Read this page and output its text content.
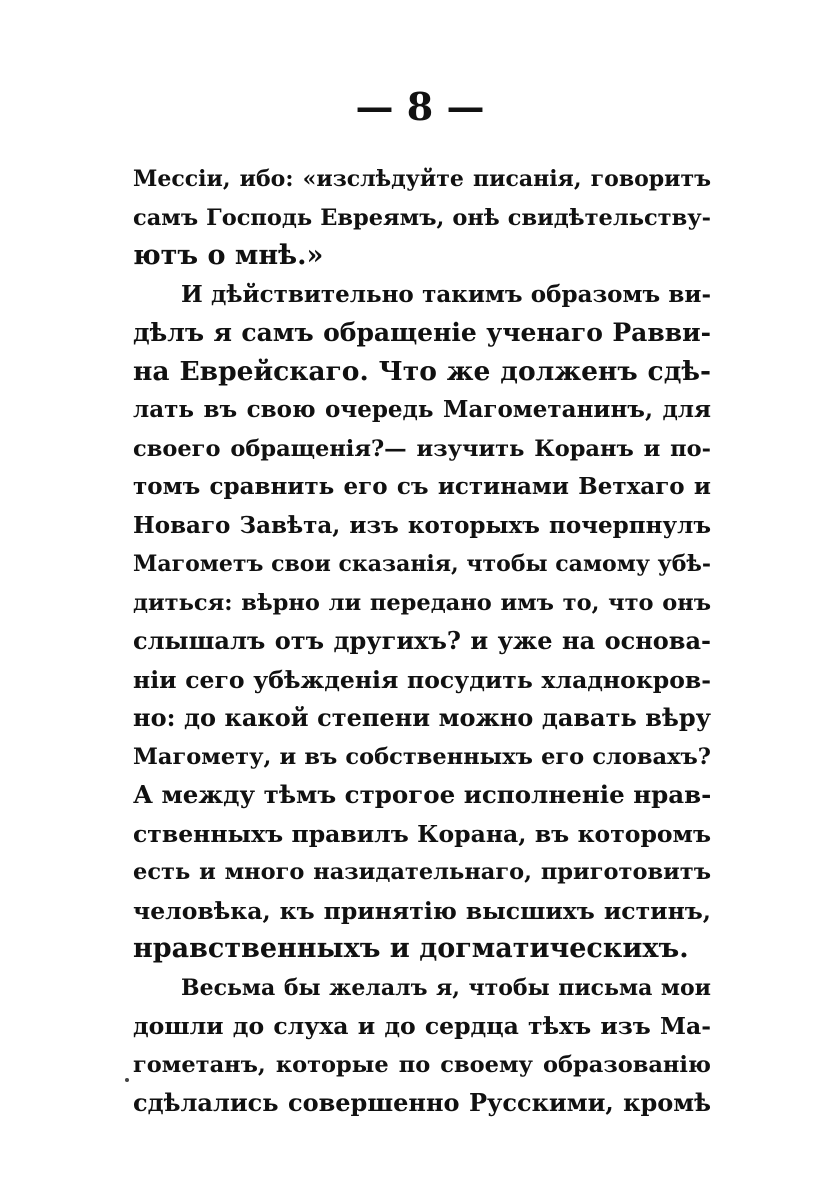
— 8 —
Мессіи, ибо: «изслѣдуйте писанія, говоритъ
самъ Господь Евреямъ, онѣ свидѣтельству-
ютъ о мнѣ.»
И дѣйствительно такимъ образомъ ви-
дѣлъ я самъ обращеніе ученаго Равви-
на Еврейскаго. Что же долженъ сдѣ-
лать въ свою очередь Магометанинъ, для
своего обращенія?— изучить Коранъ и по-
томъ сравнить его съ истинами Ветхаго и
Новаго Завѣта, изъ которыхъ почерпнулъ
Магометъ свои сказанія, чтобы самому убѣ-
диться: вѣрно ли передано имъ то, что онъ
слышалъ отъ другихъ? и уже на основа-
ніи сего убѣжденія посудить хладнокров-
но: до какой степени можно давать вѣру
Магомету, и въ собственныхъ его словахъ?
А между тѣмъ строгое исполненіе нрав-
ственныхъ правилъ Корана, въ которомъ
есть и много назидательнаго, приготовитъ
человѣка, къ принятію высшихъ истинъ,
нравственныхъ и догматическихъ.
Весьма бы желалъ я, чтобы письма мои
дошли до слуха и до сердца тѣхъ изъ Ма-
гометанъ, которые по своему образованію
сдѣлались совершенно Русскими, кромѣ
